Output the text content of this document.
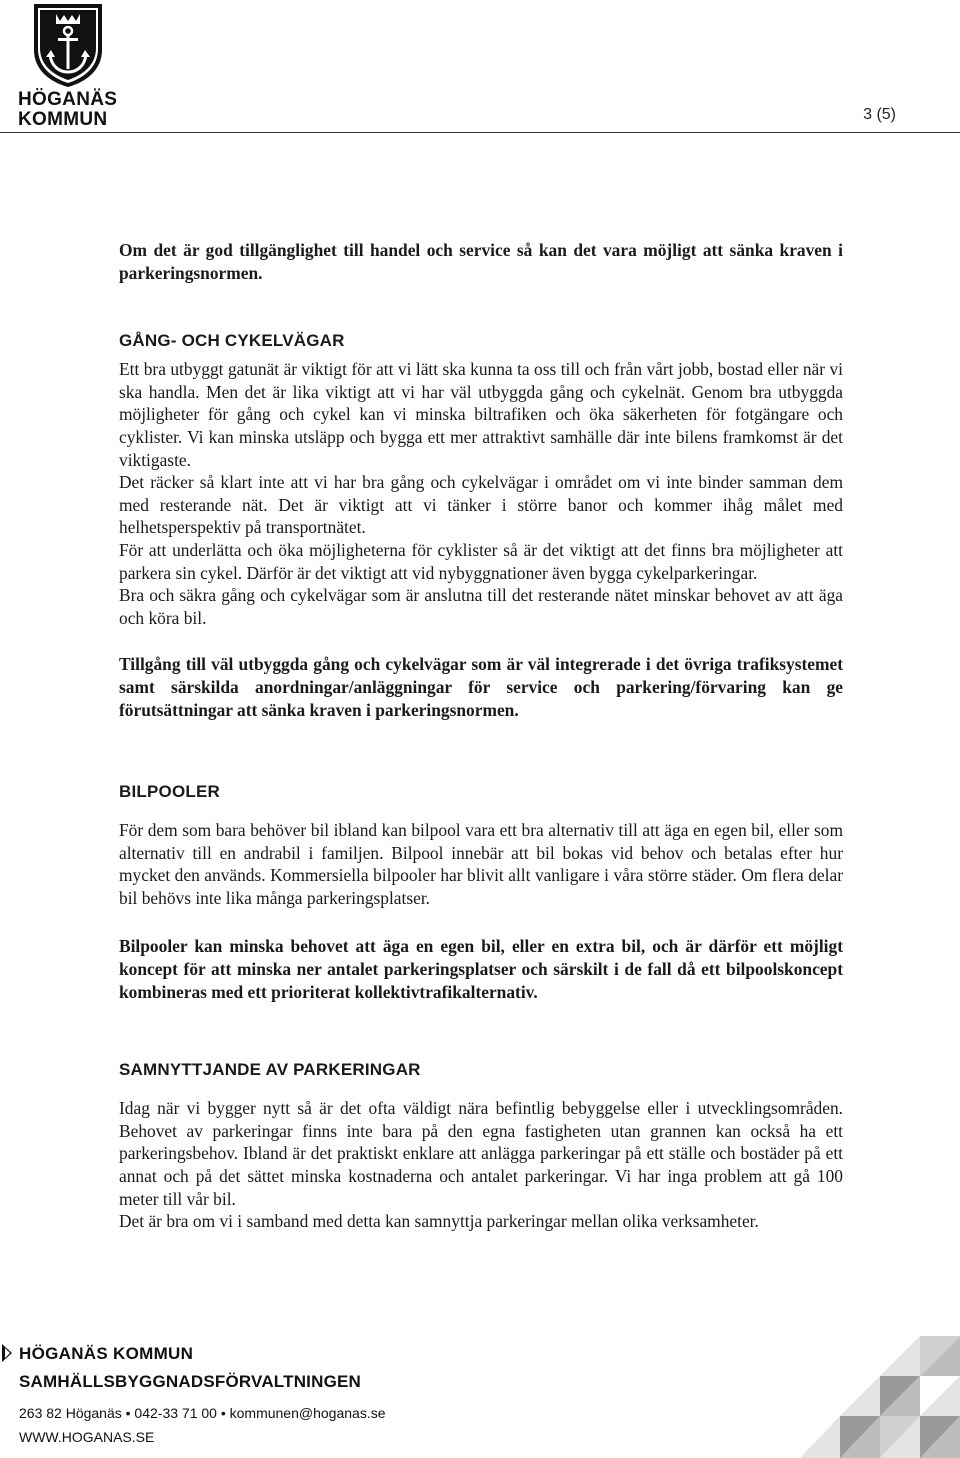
HÖGANÄS
KOMMUN	3 (5)

Om det är god tillgänglighet till handel och service så kan det vara möjligt att sänka kraven i parkeringsnormen.

GÅNG- OCH CYKELVÄGAR

Ett bra utbyggt gatunät är viktigt för att vi lätt ska kunna ta oss till och från vårt jobb, bostad eller när vi ska handla. Men det är lika viktigt att vi har väl utbyggda gång och cykelnät. Genom bra utbyggda möjligheter för gång och cykel kan vi minska biltrafiken och öka säkerheten för fotgängare och cyklister. Vi kan minska utsläpp och bygga ett mer attraktivt samhälle där inte bilens framkomst är det viktigaste.

Det räcker så klart inte att vi har bra gång och cykelvägar i området om vi inte binder samman dem med resterande nät. Det är viktigt att vi tänker i större banor och kommer ihåg målet med helhetsperspektiv på transportnätet.

För att underlätta och öka möjligheterna för cyklister så är det viktigt att det finns bra möjligheter att parkera sin cykel. Därför är det viktigt att vid nybyggnationer även bygga cykelparkeringar.

Bra och säkra gång och cykelvägar som är anslutna till det resterande nätet minskar behovet av att äga och köra bil.

Tillgång till väl utbyggda gång och cykelvägar som är väl integrerade i det övriga trafiksystemet samt särskilda anordningar/anläggningar för service och parkering/förvaring kan ge förutsättningar att sänka kraven i parkeringsnormen.

BILPOOLER

För dem som bara behöver bil ibland kan bilpool vara ett bra alternativ till att äga en egen bil, eller som alternativ till en andrabil i familjen. Bilpool innebär att bil bokas vid behov och betalas efter hur mycket den används. Kommersiella bilpooler har blivit allt vanligare i våra större städer. Om flera delar bil behövs inte lika många parkeringsplatser.

Bilpooler kan minska behovet att äga en egen bil, eller en extra bil, och är därför ett möjligt koncept för att minska ner antalet parkeringsplatser och särskilt i de fall då ett bilpoolskoncept kombineras med ett prioriterat kollektivtrafikalternativ.

SAMNYTTJANDE AV PARKERINGAR

Idag när vi bygger nytt så är det ofta väldigt nära befintlig bebyggelse eller i utvecklingsområden. Behovet av parkeringar finns inte bara på den egna fastigheten utan grannen kan också ha ett parkeringsbehov. Ibland är det praktiskt enklare att anlägga parkeringar på ett ställe och bostäder på ett annat och på det sättet minska kostnaderna och antalet parkeringar. Vi har inga problem att gå 100 meter till vår bil.

Det är bra om vi i samband med detta kan samnyttja parkeringar mellan olika verksamheter.

HÖGANÄS KOMMUN
SAMHÄLLSBYGGNADSFÖRVALTNINGEN
263 82 Höganäs • 042-33 71 00 • kommunen@hoganas.se
WWW.HOGANAS.SE
